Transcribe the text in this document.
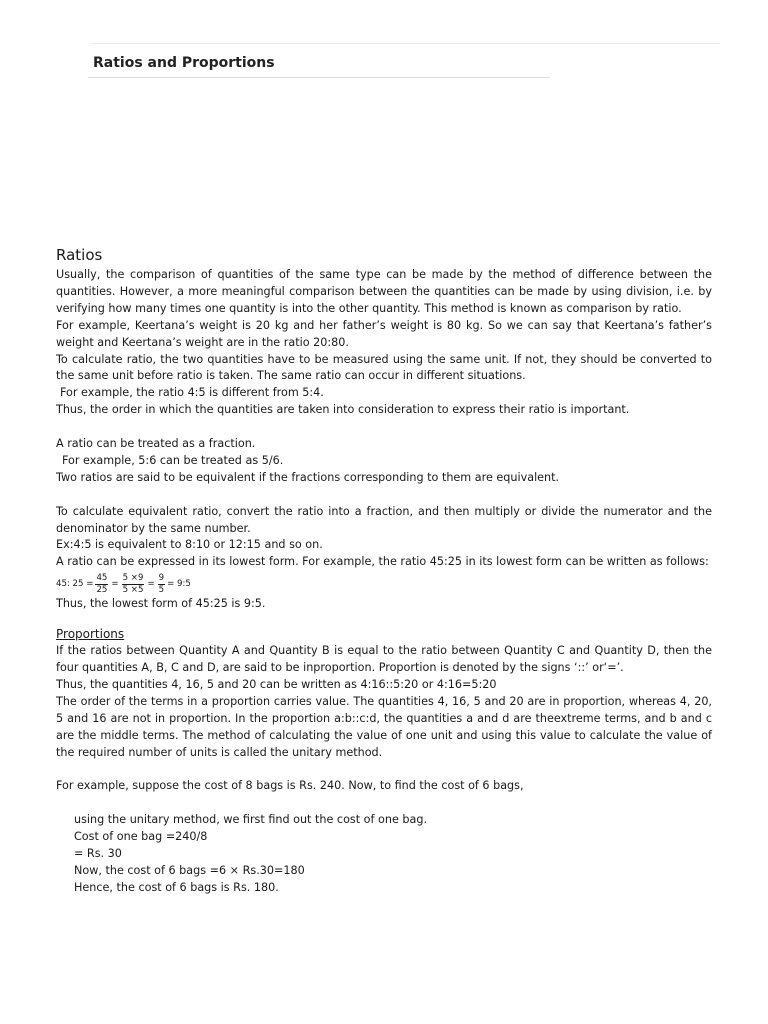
Ratios and Proportions
Ratios

Usually, the comparison of quantities of the same type can be made by the method of difference between the quantities. However, a more meaningful comparison between the quantities can be made by using division, i.e. by verifying how many times one quantity is into the other quantity. This method is known as comparison by ratio.

For example, Keertana’s weight is 20 kg and her father’s weight is 80 kg. So we can say that Keertana’s father’s weight and Keertana’s weight are in the ratio 20:80.

To calculate ratio, the two quantities have to be measured using the same unit. If not, they should be converted to the same unit before ratio is taken. The same ratio can occur in different situations.

For example, the ratio 4:5 is different from 5:4.

Thus, the order in which the quantities are taken into consideration to express their ratio is important.

A ratio can be treated as a fraction.

For example, 5:6 can be treated as 5/6.

Two ratios are said to be equivalent if the fractions corresponding to them are equivalent.

To calculate equivalent ratio, convert the ratio into a fraction, and then multiply or divide the numerator and the denominator by the same number.

Ex:4:5 is equivalent to 8:10 or 12:15 and so on.

A ratio can be expressed in its lowest form. For example, the ratio 45:25 in its lowest form can be written as follows:

45: $25 = \frac{45}{25} = \frac{5 \times 9}{5 \times 5} = \frac{9}{5}$ = 9:5

Thus, the lowest form of 45:25 is 9:5.

Proportions

If the ratios between Quantity A and Quantity B is equal to the ratio between Quantity C and Quantity D, then the four quantities A, B, C and D, are said to be inproportion. Proportion is denoted by the signs ‘::’ or‘=’.

Thus, the quantities 4, 16, 5 and 20 can be written as 4:16::5:20 or 4:16=5:20

The order of the terms in a proportion carries value. The quantities 4, 16, 5 and 20 are in proportion, whereas 4, 20, 5 and 16 are not in proportion. In the proportion a:b::c:d, the quantities a and d are theextreme terms, and b and c are the middle terms. The method of calculating the value of one unit and using this value to calculate the value of the required number of units is called the unitary method.

For example, suppose the cost of 8 bags is Rs. 240. Now, to find the cost of 6 bags,

using the unitary method, we first find out the cost of one bag.

Cost of one bag =240/8

= Rs. 30

Now, the cost of 6 bags =6 × Rs.30=180

Hence, the cost of 6 bags is Rs. 180.
